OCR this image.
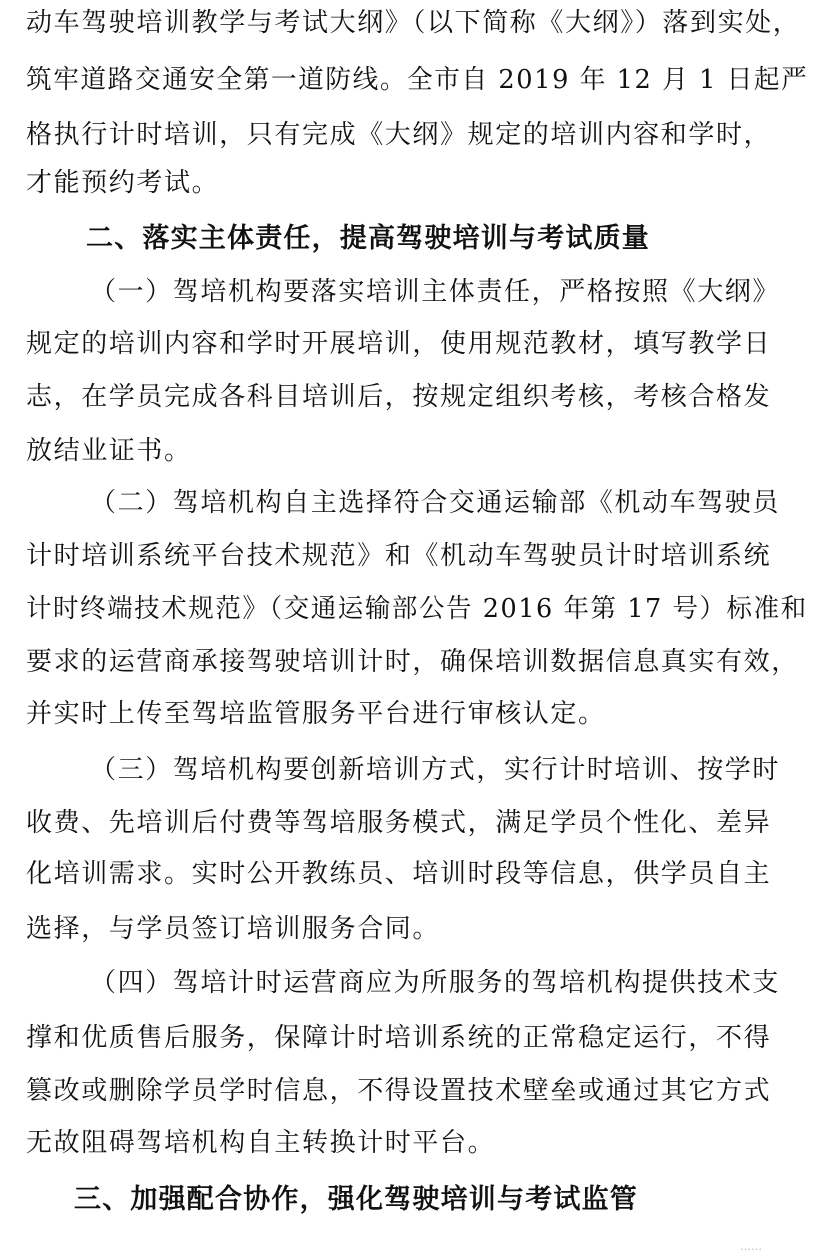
动车驾驶培训教学与考试大纲》（以下简称《大纲》）落到实处，
筑牢道路交通安全第一道防线。全市自 2019 年 12 月 1 日起严
格执行计时培训，只有完成《大纲》规定的培训内容和学时，
才能预约考试。
二、落实主体责任，提高驾驶培训与考试质量
（一）驾培机构要落实培训主体责任，严格按照《大纲》
规定的培训内容和学时开展培训，使用规范教材，填写教学日
志，在学员完成各科目培训后，按规定组织考核，考核合格发
放结业证书。
（二）驾培机构自主选择符合交通运输部《机动车驾驶员
计时培训系统平台技术规范》和《机动车驾驶员计时培训系统
计时终端技术规范》（交通运输部公告 2016 年第 17 号）标准和
要求的运营商承接驾驶培训计时，确保培训数据信息真实有效，
并实时上传至驾培监管服务平台进行审核认定。
（三）驾培机构要创新培训方式，实行计时培训、按学时
收费、先培训后付费等驾培服务模式，满足学员个性化、差异
化培训需求。实时公开教练员、培训时段等信息，供学员自主
选择，与学员签订培训服务合同。
（四）驾培计时运营商应为所服务的驾培机构提供技术支
撑和优质售后服务，保障计时培训系统的正常稳定运行，不得
篡改或删除学员学时信息，不得设置技术壁垒或通过其它方式
无故阻碍驾培机构自主转换计时平台。
三、加强配合协作，强化驾驶培训与考试监管
……
